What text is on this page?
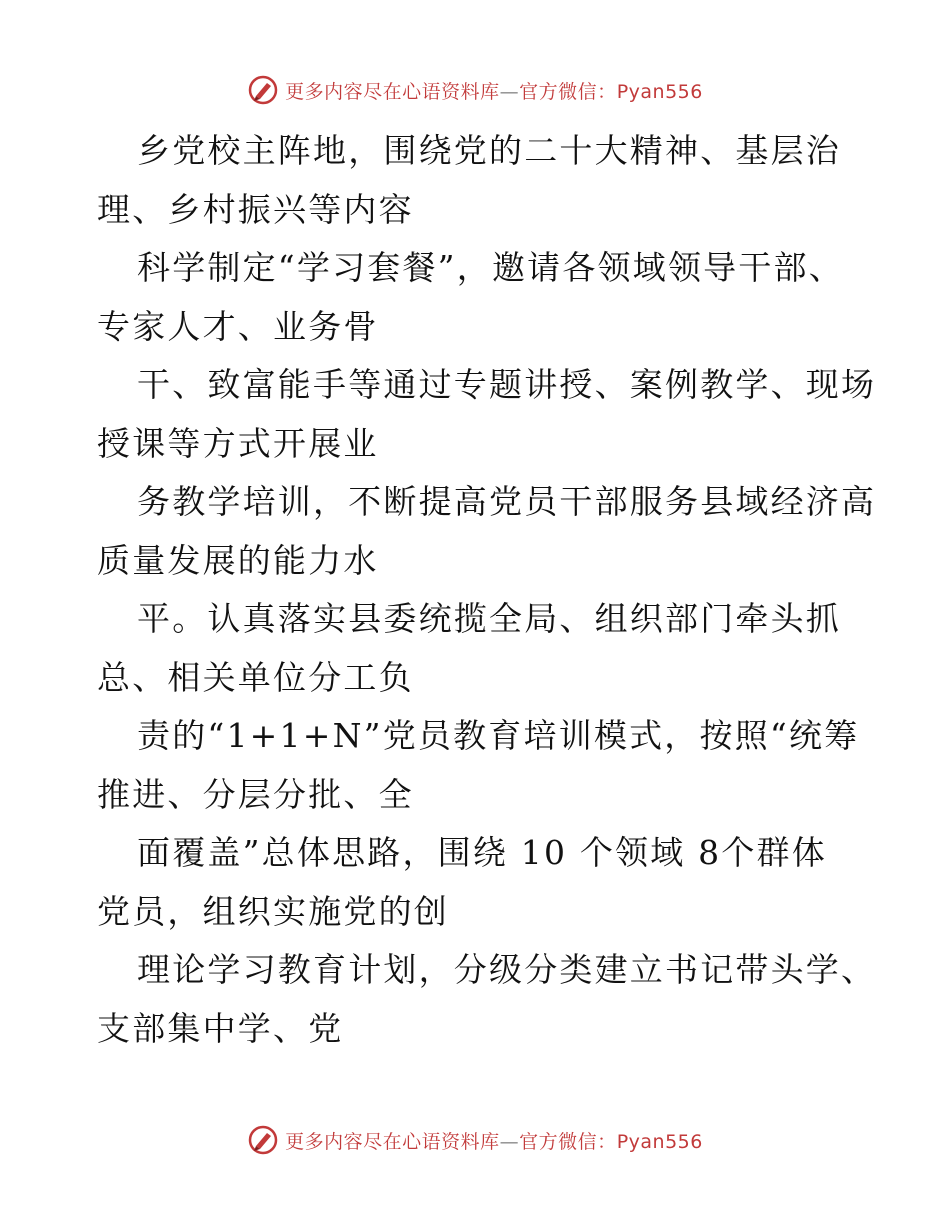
更多内容尽在心语资料库—官方微信：Pyan556

乡党校主阵地，围绕党的二十大精神、基层治
理、乡村振兴等内容

科学制定“学习套餐”，邀请各领域领导干部、
专家人才、业务骨

干、致富能手等通过专题讲授、案例教学、现场
授课等方式开展业

务教学培训，不断提高党员干部服务县域经济高
质量发展的能力水

平。认真落实县委统揽全局、组织部门牵头抓
总、相关单位分工负

责的“1+1+N”党员教育培训模式，按照“统筹
推进、分层分批、全

面覆盖”总体思路，围绕 10 个领域 8个群体
党员，组织实施党的创

理论学习教育计划，分级分类建立书记带头学、
支部集中学、党

更多内容尽在心语资料库—官方微信：Pyan556
